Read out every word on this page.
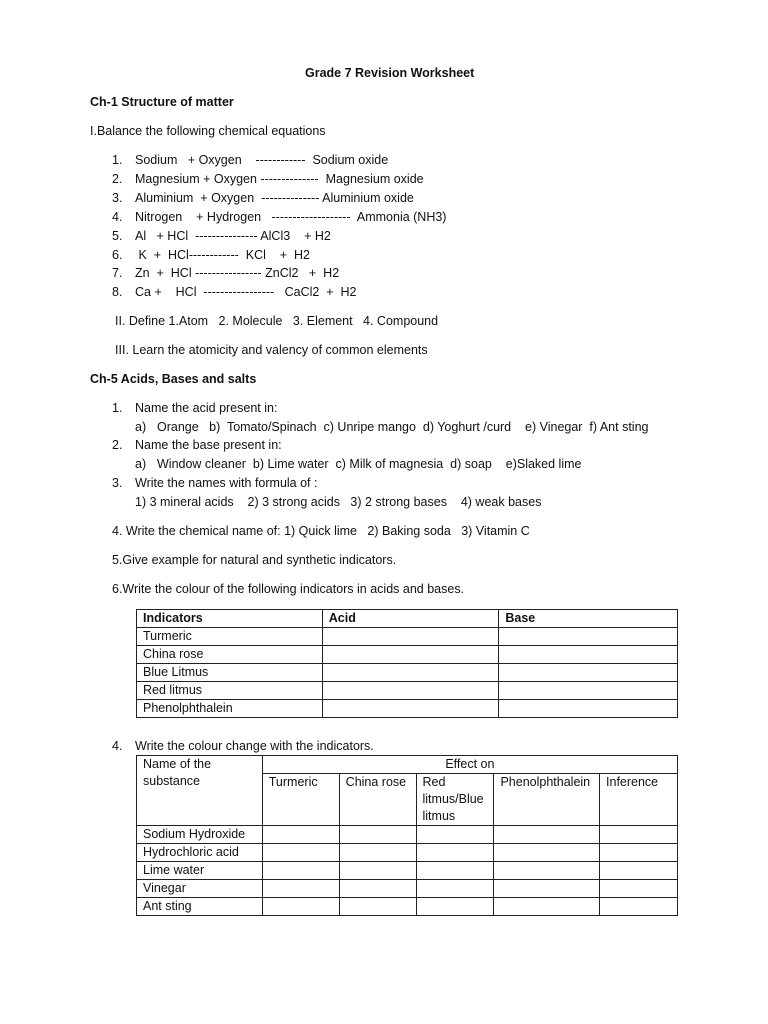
Grade 7 Revision Worksheet
Ch-1 Structure of matter
I.Balance the following chemical equations
1. Sodium   + Oxygen    ------------  Sodium oxide
2. Magnesium + Oxygen --------------  Magnesium oxide
3. Aluminium  + Oxygen  -------------- Aluminium oxide
4. Nitrogen    + Hydrogen   -------------------  Ammonia (NH3)
5. Al   + HCl  --------------- AlCl3    + H2
6. K  +  HCl------------  KCl    +  H2
7. Zn  +  HCl ---------------- ZnCl2   +  H2
8. Ca +    HCl  -----------------   CaCl2  +  H2
II. Define 1.Atom   2. Molecule   3. Element   4. Compound
III. Learn the atomicity and valency of common elements
Ch-5 Acids, Bases and salts
1. Name the acid present in:
a) Orange   b)  Tomato/Spinach  c) Unripe mango  d) Yoghurt /curd    e) Vinegar  f) Ant sting
2. Name the base present in:
a) Window cleaner  b) Lime water  c) Milk of magnesia  d) soap    e)Slaked lime
3. Write the names with formula of :
1) 3 mineral acids    2) 3 strong acids   3) 2 strong bases    4) weak bases
4. Write the chemical name of: 1) Quick lime   2) Baking soda   3) Vitamin C
5.Give example for natural and synthetic indicators.
6.Write the colour of the following indicators in acids and bases.
Indicators	Acid	Base
Turmeric		
China rose		
Blue Litmus		
Red litmus		
Phenolphthalein		
4. Write the colour change with the indicators.
Name of the substance	Effect on				
	Turmeric	China rose	Red litmus/Blue litmus	Phenolphthalein	Inference
Sodium Hydroxide					
Hydrochloric acid					
Lime water					
Vinegar					
Ant sting					
